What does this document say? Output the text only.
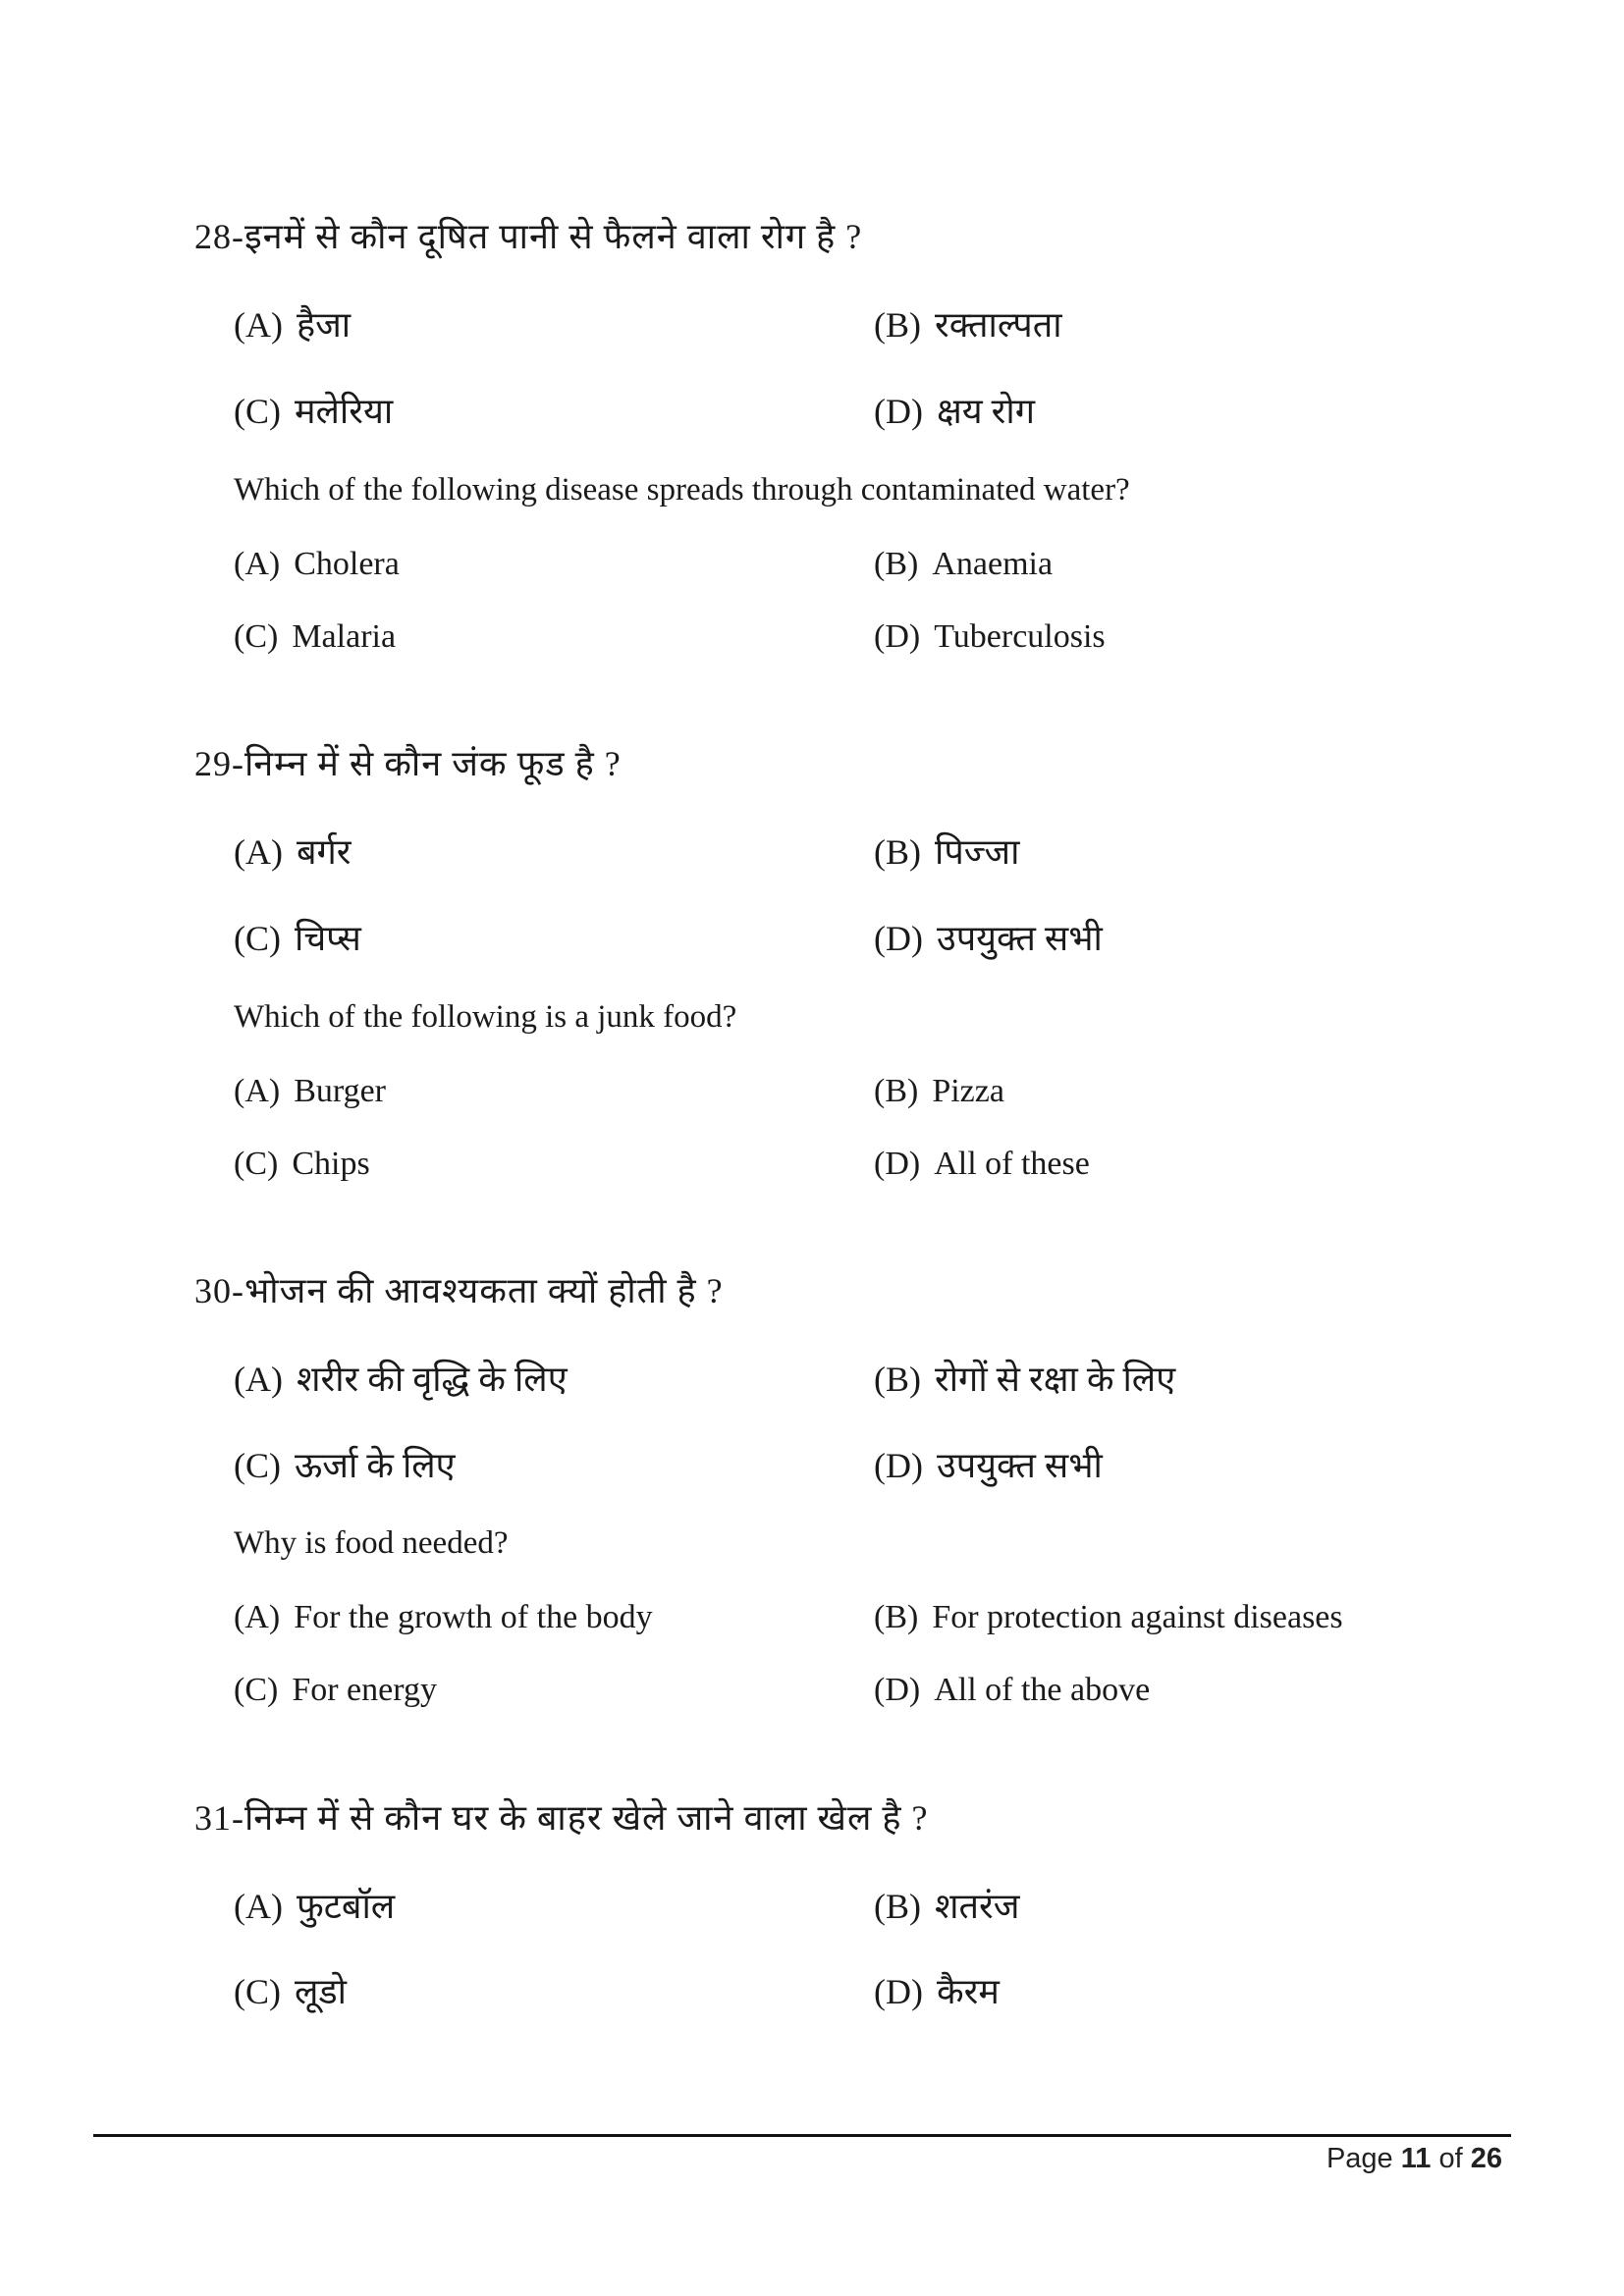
28-इनमें से कौन दूषित पानी से फैलने वाला रोग है ?
(A) हैजा	(B) रक्ताल्पता
(C) मलेरिया	(D) क्षय रोग
Which of the following disease spreads through contaminated water?
(A) Cholera	(B) Anaemia
(C) Malaria	(D) Tuberculosis
29-निम्न में से कौन जंक फूड है ?
(A) बर्गर	(B) पिज्जा
(C) चिप्स	(D) उपयुक्त सभी
Which of the following is a junk food?
(A) Burger	(B) Pizza
(C) Chips	(D) All of these
30-भोजन की आवश्यकता क्यों होती है ?
(A) शरीर की वृद्धि के लिए	(B) रोगों से रक्षा के लिए
(C) ऊर्जा के लिए	(D) उपयुक्त सभी
Why is food needed?
(A) For the growth of the body	(B) For protection against diseases
(C) For energy	(D) All of the above
31-निम्न में से कौन घर के बाहर खेले जाने वाला खेल है ?
(A) फुटबॉल	(B) शतरंज
(C) लूडो	(D) कैरम
Page 11 of 26
